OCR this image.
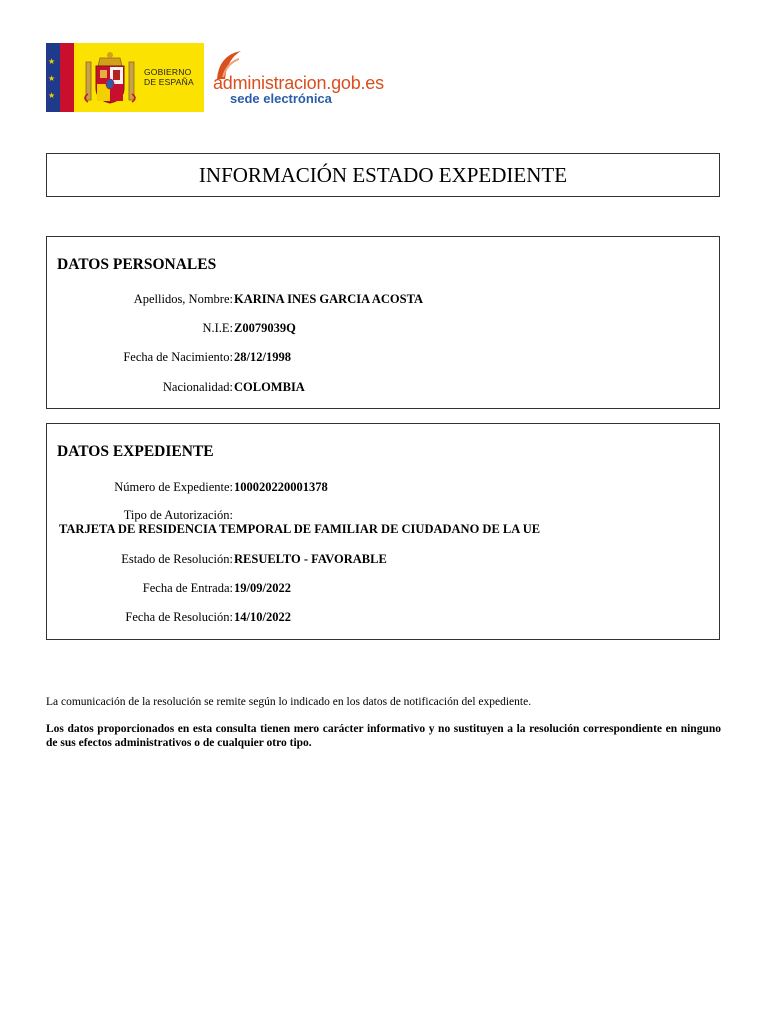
★
★
★
GOBIERNO
DE ESPAÑA administracion.gob.es
sede electrónica
INFORMACIÓN ESTADO EXPEDIENTE
DATOS PERSONALES
Apellidos, Nombre: KARINA INES GARCIA ACOSTA
N.I.E: Z0079039Q
Fecha de Nacimiento: 28/12/1998
Nacionalidad: COLOMBIA
DATOS EXPEDIENTE
Número de Expediente: 100020220001378
Tipo de Autorización:
TARJETA DE RESIDENCIA TEMPORAL DE FAMILIAR DE CIUDADANO DE LA UE
Estado de Resolución: RESUELTO - FAVORABLE
Fecha de Entrada: 19/09/2022
Fecha de Resolución: 14/10/2022
La comunicación de la resolución se remite según lo indicado en los datos de notificación del expediente.
Los datos proporcionados en esta consulta tienen mero carácter informativo y no sustituyen a la resolución correspondiente en ninguno de sus efectos administrativos o de cualquier otro tipo.
